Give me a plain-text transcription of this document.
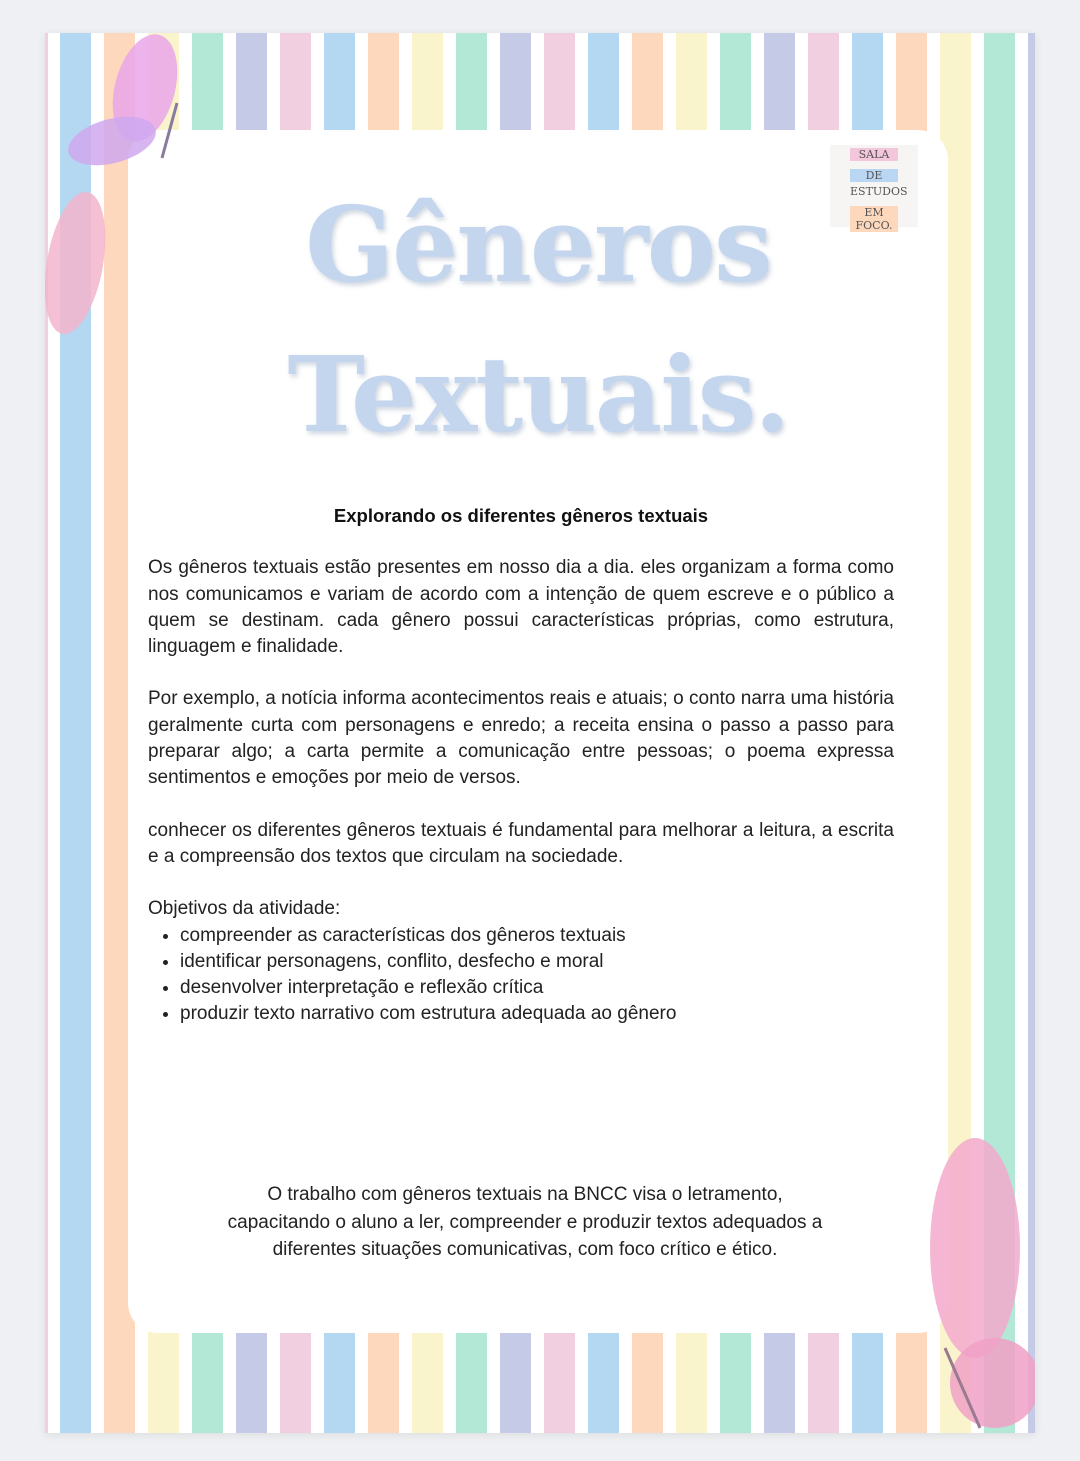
SALA
DE
ESTUDOS
EM FOCO.
Gêneros
Textuais.
Explorando os diferentes gêneros textuais

Os gêneros textuais estão presentes em nosso dia a dia. eles organizam a forma como nos comunicamos e variam de acordo com a intenção de quem escreve e o público a quem se destinam. cada gênero possui características próprias, como estrutura, linguagem e finalidade.

Por exemplo, a notícia informa acontecimentos reais e atuais; o conto narra uma história geralmente curta com personagens e enredo; a receita ensina o passo a passo para preparar algo; a carta permite a comunicação entre pessoas; o poema expressa sentimentos e emoções por meio de versos.

conhecer os diferentes gêneros textuais é fundamental para melhorar a leitura, a escrita e a compreensão dos textos que circulam na sociedade.

Objetivos da atividade:
• compreender as características dos gêneros textuais
• identificar personagens, conflito, desfecho e moral
• desenvolver interpretação e reflexão crítica
• produzir texto narrativo com estrutura adequada ao gênero
O trabalho com gêneros textuais na BNCC visa o letramento, capacitando o aluno a ler, compreender e produzir textos adequados a diferentes situações comunicativas, com foco crítico e ético.
